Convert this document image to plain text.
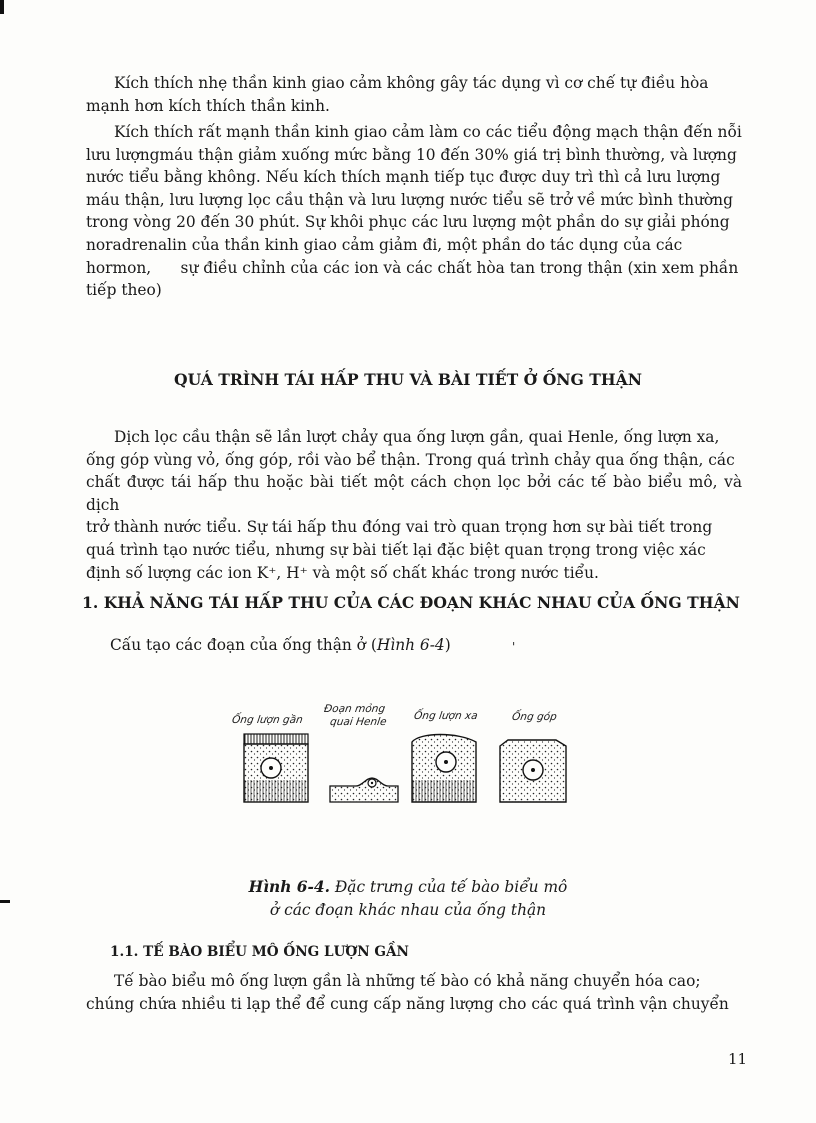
Kích thích nhẹ thần kinh giao cảm không gây tác dụng vì cơ chế tự điều hòa
mạnh hơn kích thích thần kinh.
Kích thích rất mạnh thần kinh giao cảm làm co các tiểu động mạch thận đến nỗi
lưu lượngmáu thận giảm xuống mức bằng 10 đến 30% giá trị bình thường, và lượng
nước tiểu bằng không. Nếu kích thích mạnh tiếp tục được duy trì thì cả lưu lượng
máu thận, lưu lượng lọc cầu thận và lưu lượng nước tiểu sẽ trở về mức bình thường
trong vòng 20 đến 30 phút. Sự khôi phục các lưu lượng một phần do sự giải phóng
noradrenalin của thần kinh giao cảm giảm đi, một phần do tác dụng của các
hormon,      sự điều chỉnh của các ion và các chất hòa tan trong thận (xin xem phần
tiếp theo)
QUÁ TRÌNH TÁI HẤP THU VÀ BÀI TIẾT Ở ỐNG THẬN
Dịch lọc cầu thận sẽ lần lượt chảy qua ống lượn gần, quai Henle, ống lượn xa,
ống góp vùng vỏ, ống góp, rồi vào bể thận. Trong quá trình chảy qua ống thận, các
chất được tái hấp thu hoặc bài tiết một cách chọn lọc bởi các tế bào biểu mô, và dịch
trở thành nước tiểu. Sự tái hấp thu đóng vai trò quan trọng hơn sự bài tiết trong
quá trình tạo nước tiểu, nhưng sự bài tiết lại đặc biệt quan trọng trong việc xác
định số lượng các ion K⁺, H⁺ và một số chất khác trong nước tiểu.
1. KHẢ NĂNG TÁI HẤP THU CỦA CÁC ĐOẠN KHÁC NHAU CỦA ỐNG THẬN

Cấu tạo các đoạn của ống thận ở (Hình 6-4)	'
Ống lượn gần
Đoạn mỏng
quai Henle Ống lượn xa	Ống góp

Hình 6-4. Đặc trưng của tế bào biểu mô

ở các đoạn khác nhau của ống thận

1.1. TẾ BÀO BIỂU MÔ ỐNG LƯỢN GẦN
Tế bào biểu mô ống lượn gần là những tế bào có khả năng chuyển hóa cao;
chúng chứa nhiều ti lạp thể để cung cấp năng lượng cho các quá trình vận chuyển
11
